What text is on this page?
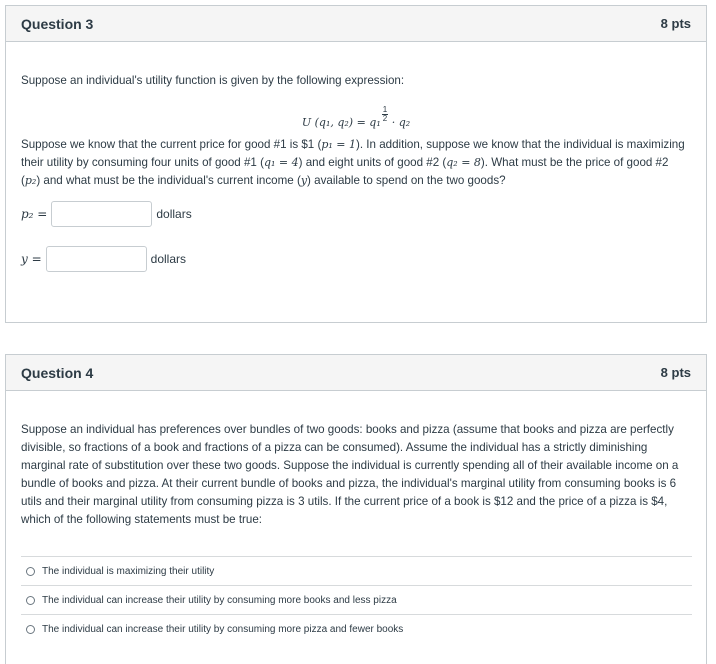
Question 3	8 pts
Suppose an individual's utility function is given by the following expression:
U (q₁, $q_2) = q_1 \frac{1}{2} \cdot q_2$
Suppose we know that the current price for good #1 is $1 (p₁ = 1). In addition, suppose we know that the individual is maximizing their utility by consuming four units of good #1 (q₁ = 4) and eight units of good #2 (q₂ = 8). What must be the price of good #2 (p₂) and what must be the individual's current income (y) available to spend on the two goods?
p₂ =	dollars
y =	dollars
Question 4	8 pts
Suppose an individual has preferences over bundles of two goods: books and pizza (assume that books and pizza are perfectly divisible, so fractions of a book and fractions of a pizza can be consumed). Assume the individual has a strictly diminishing marginal rate of substitution over these two goods. Suppose the individual is currently spending all of their available income on a bundle of books and pizza. At their current bundle of books and pizza, the individual's marginal utility from consuming books is 6 utils and their marginal utility from consuming pizza is 3 utils. If the current price of a book is $12 and the price of a pizza is $4, which of the following statements must be true:
The individual is maximizing their utility
The individual can increase their utility by consuming more books and less pizza
The individual can increase their utility by consuming more pizza and fewer books
